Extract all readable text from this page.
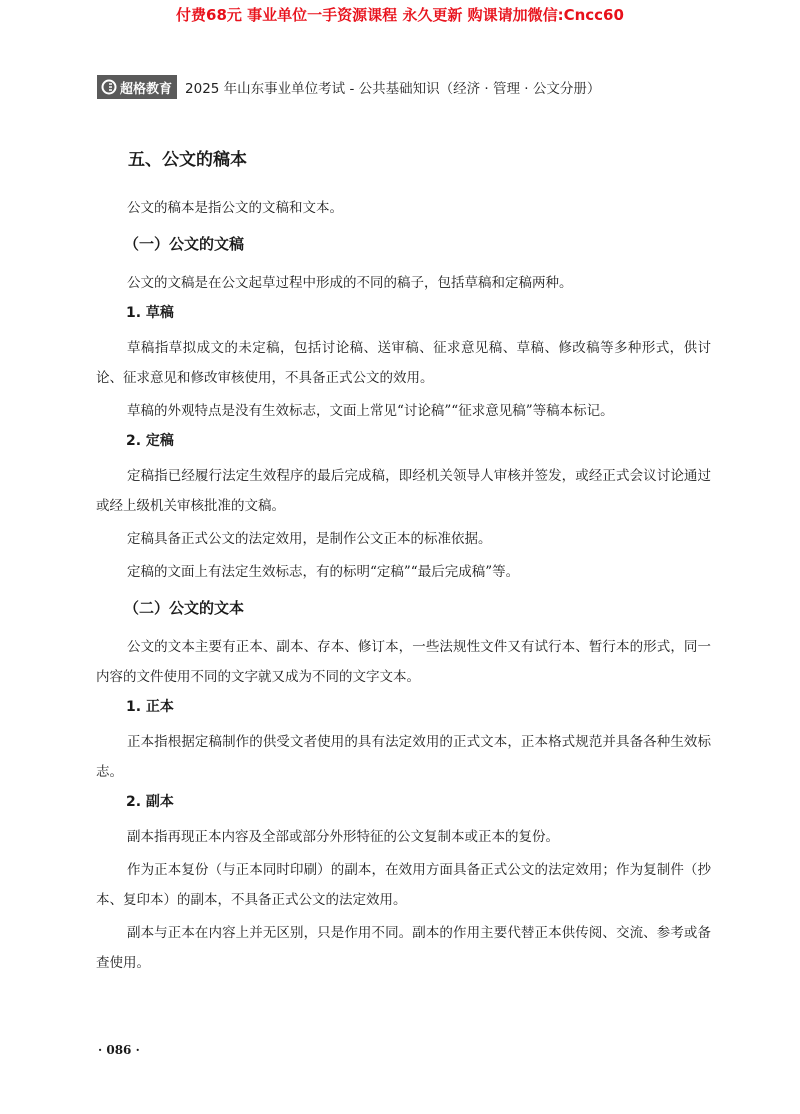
付费68元 事业单位一手资源课程 永久更新 购课请加微信:Cncc60
超格教育 2025 年山东事业单位考试 - 公共基础知识（经济 · 管理 · 公文分册）
五、公文的稿本

公文的稿本是指公文的文稿和文本。

（一）公文的文稿

公文的文稿是在公文起草过程中形成的不同的稿子，包括草稿和定稿两种。

1. 草稿

草稿指草拟成文的未定稿，包括讨论稿、送审稿、征求意见稿、草稿、修改稿等多种形式，供讨论、征求意见和修改审核使用，不具备正式公文的效用。

草稿的外观特点是没有生效标志，文面上常见“讨论稿”“征求意见稿”等稿本标记。

2. 定稿

定稿指已经履行法定生效程序的最后完成稿，即经机关领导人审核并签发，或经正式会议讨论通过或经上级机关审核批准的文稿。

定稿具备正式公文的法定效用，是制作公文正本的标准依据。

定稿的文面上有法定生效标志，有的标明“定稿”“最后完成稿”等。

（二）公文的文本

公文的文本主要有正本、副本、存本、修订本，一些法规性文件又有试行本、暂行本的形式，同一内容的文件使用不同的文字就又成为不同的文字文本。

1. 正本

正本指根据定稿制作的供受文者使用的具有法定效用的正式文本，正本格式规范并具备各种生效标志。

2. 副本

副本指再现正本内容及全部或部分外形特征的公文复制本或正本的复份。

作为正本复份（与正本同时印刷）的副本，在效用方面具备正式公文的法定效用；作为复制件（抄本、复印本）的副本，不具备正式公文的法定效用。

副本与正本在内容上并无区别，只是作用不同。副本的作用主要代替正本供传阅、交流、参考或备查使用。

· 086 ·
